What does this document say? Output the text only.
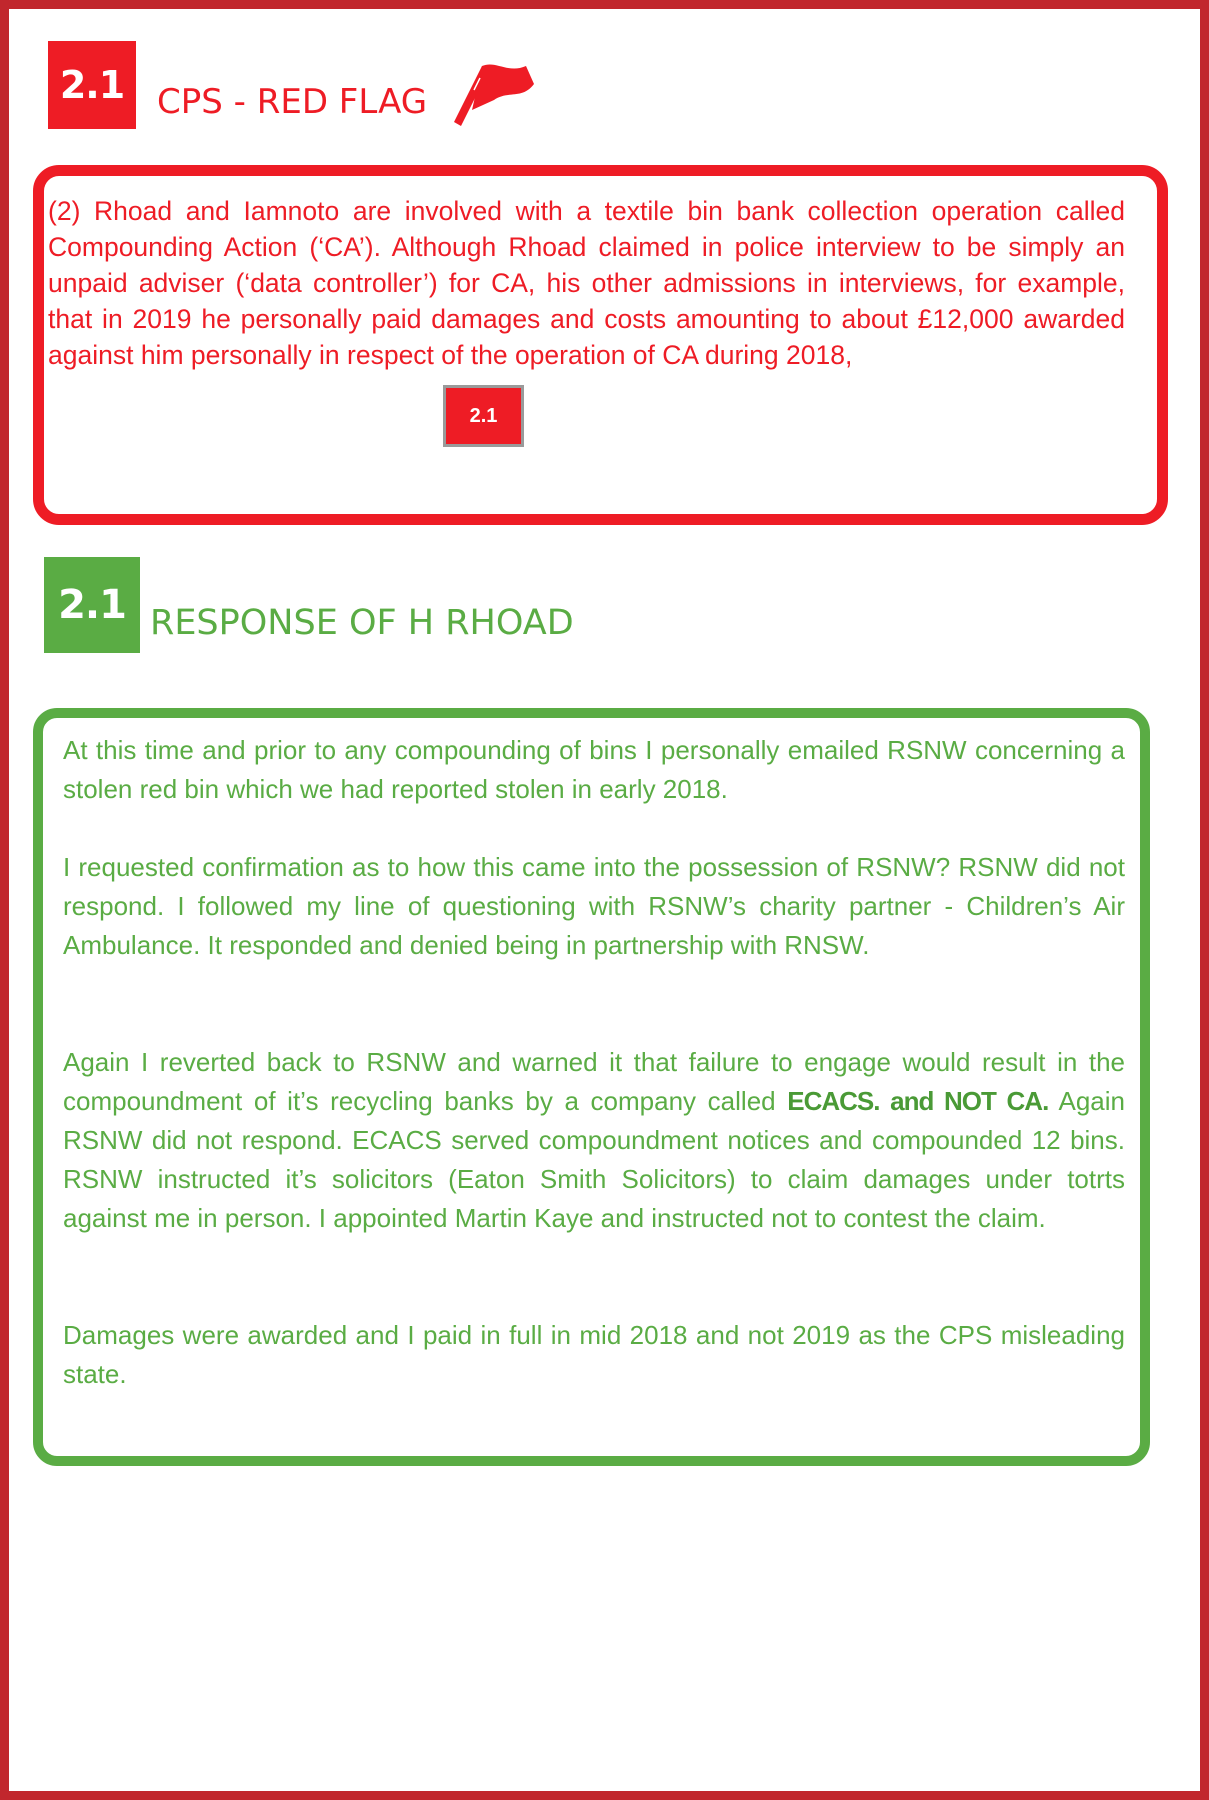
2.1 CPS - RED FLAG
(2) Rhoad and Iamnoto are involved with a textile bin bank collection operation called Compounding Action (‘CA’). Although Rhoad claimed in police interview to be simply an unpaid adviser (‘data controller’) for CA, his other admissions in interviews, for example, that in 2019 he personally paid damages and costs amounting to about £12,000 awarded against him personally in respect of the operation of CA during 2018,
2.1
2.1 RESPONSE OF H RHOAD

At this time and prior to any compounding of bins I personally emailed RSNW concerning a stolen red bin which we had reported stolen in early 2018.

I requested confirmation as to how this came into the possession of RSNW? RSNW did not respond. I followed my line of questioning with RSNW’s charity partner - Children’s Air Ambulance. It responded and denied being in partnership with RNSW.

Again I reverted back to RSNW and warned it that failure to engage would result in the compoundment of it’s recycling banks by a company called ECACS. and NOT CA. Again RSNW did not respond. ECACS served compoundment notices and compounded 12 bins. RSNW instructed it’s solicitors (Eaton Smith Solicitors) to claim damages under totrts against me in person. I appointed Martin Kaye and instructed not to contest the claim.

Damages were awarded and I paid in full in mid 2018 and not 2019 as the CPS misleading state.
